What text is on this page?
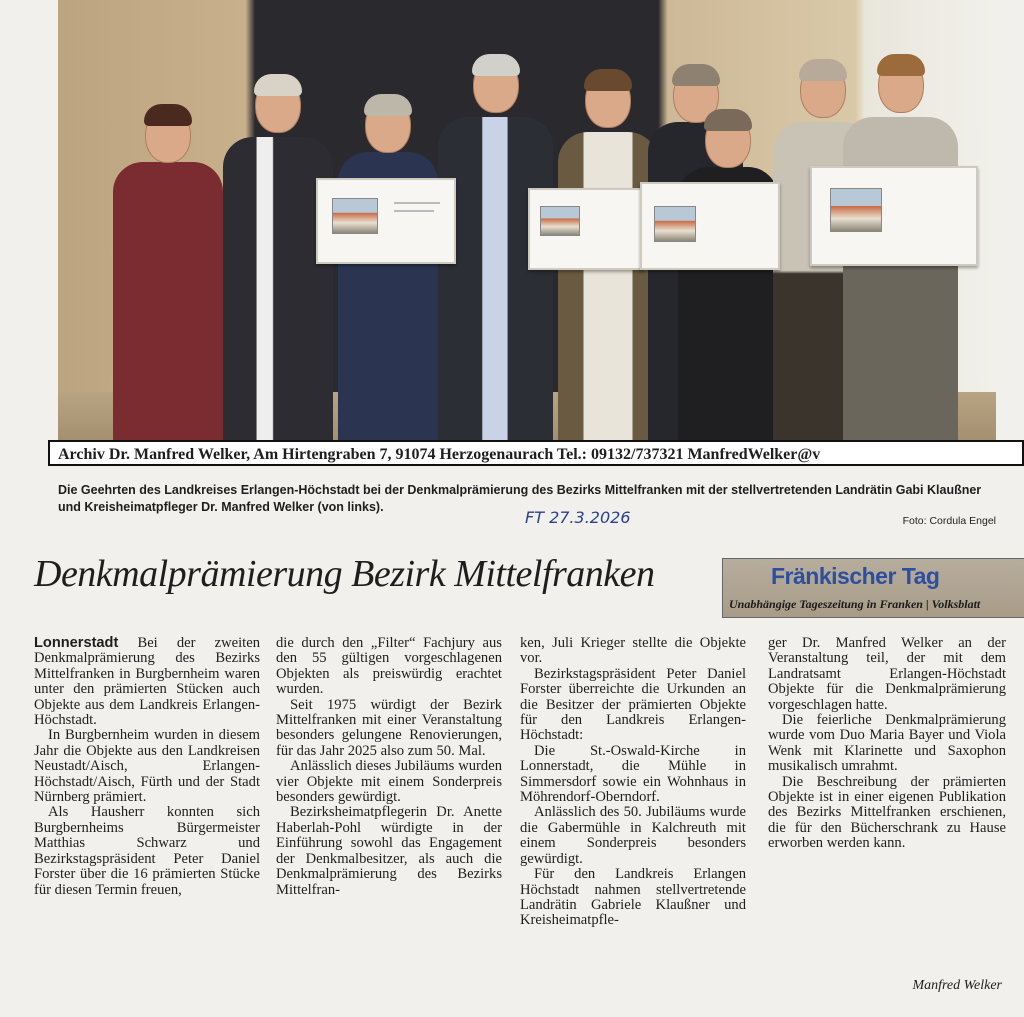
Archiv Dr. Manfred Welker, Am Hirtengraben 7, 91074 Herzogenaurach Tel.: 09132/737321 ManfredWelker@v
Die Geehrten des Landkreises Erlangen-Höchstadt bei der Denkmalprämierung des Bezirks Mittelfranken mit der stellvertretenden Landrätin Gabi Klaußner und Kreisheimatpfleger Dr. Manfred Welker (von links).
FT 27.3.2026	Foto: Cordula Engel
Denkmalprämierung Bezirk Mittelfranken	Fränkischer Tag
Unabhängige Tageszeitung in Franken | Volksblatt

Lonnerstadt Bei der zweiten Denkmalprämierung des Bezirks Mittelfranken in Burgbernheim waren unter den prämierten Stücken auch Objekte aus dem Landkreis Erlangen-Höchstadt.

In Burgbernheim wurden in diesem Jahr die Objekte aus den Landkreisen Neustadt/Aisch, Erlangen-Höchstadt/Aisch, Fürth und der Stadt Nürnberg prämiert.

Als Hausherr konnten sich Burgbernheims Bürgermeister Matthias Schwarz und Bezirkstagspräsident Peter Daniel Forster über die 16 prämierten Stücke für diesen Termin freuen,

die durch den „Filter“ Fachjury aus den 55 gültigen vorgeschlagenen Objekten als preiswürdig erachtet wurden.

Seit 1975 würdigt der Bezirk Mittelfranken mit einer Veranstaltung besonders gelungene Renovierungen, für das Jahr 2025 also zum 50. Mal.

Anlässlich dieses Jubiläums wurden vier Objekte mit einem Sonderpreis besonders gewürdigt.

Bezirksheimatpflegerin Dr. Anette Haberlah-Pohl würdigte in der Einführung sowohl das Engagement der Denkmalbesitzer, als auch die Denkmalprämierung des Bezirks Mittelfran-

ken, Juli Krieger stellte die Objekte vor.

Bezirkstagspräsident Peter Daniel Forster überreichte die Urkunden an die Besitzer der prämierten Objekte für den Landkreis Erlangen-Höchstadt:

Die St.-Oswald-Kirche in Lonnerstadt, die Mühle in Simmersdorf sowie ein Wohnhaus in Möhrendorf-Oberndorf.

Anlässlich des 50. Jubiläums wurde die Gabermühle in Kalchreuth mit einem Sonderpreis besonders gewürdigt.

Für den Landkreis Erlangen Höchstadt nahmen stellvertretende Landrätin Gabriele Klaußner und Kreisheimatpfle-

ger Dr. Manfred Welker an der Veranstaltung teil, der mit dem Landratsamt Erlangen-Höchstadt Objekte für die Denkmalprämierung vorgeschlagen hatte.

Die feierliche Denkmalprämierung wurde vom Duo Maria Bayer und Viola Wenk mit Klarinette und Saxophon musikalisch umrahmt.

Die Beschreibung der prämierten Objekte ist in einer eigenen Publikation des Bezirks Mittelfranken erschienen, die für den Bücherschrank zu Hause erworben werden kann.

Manfred Welker
